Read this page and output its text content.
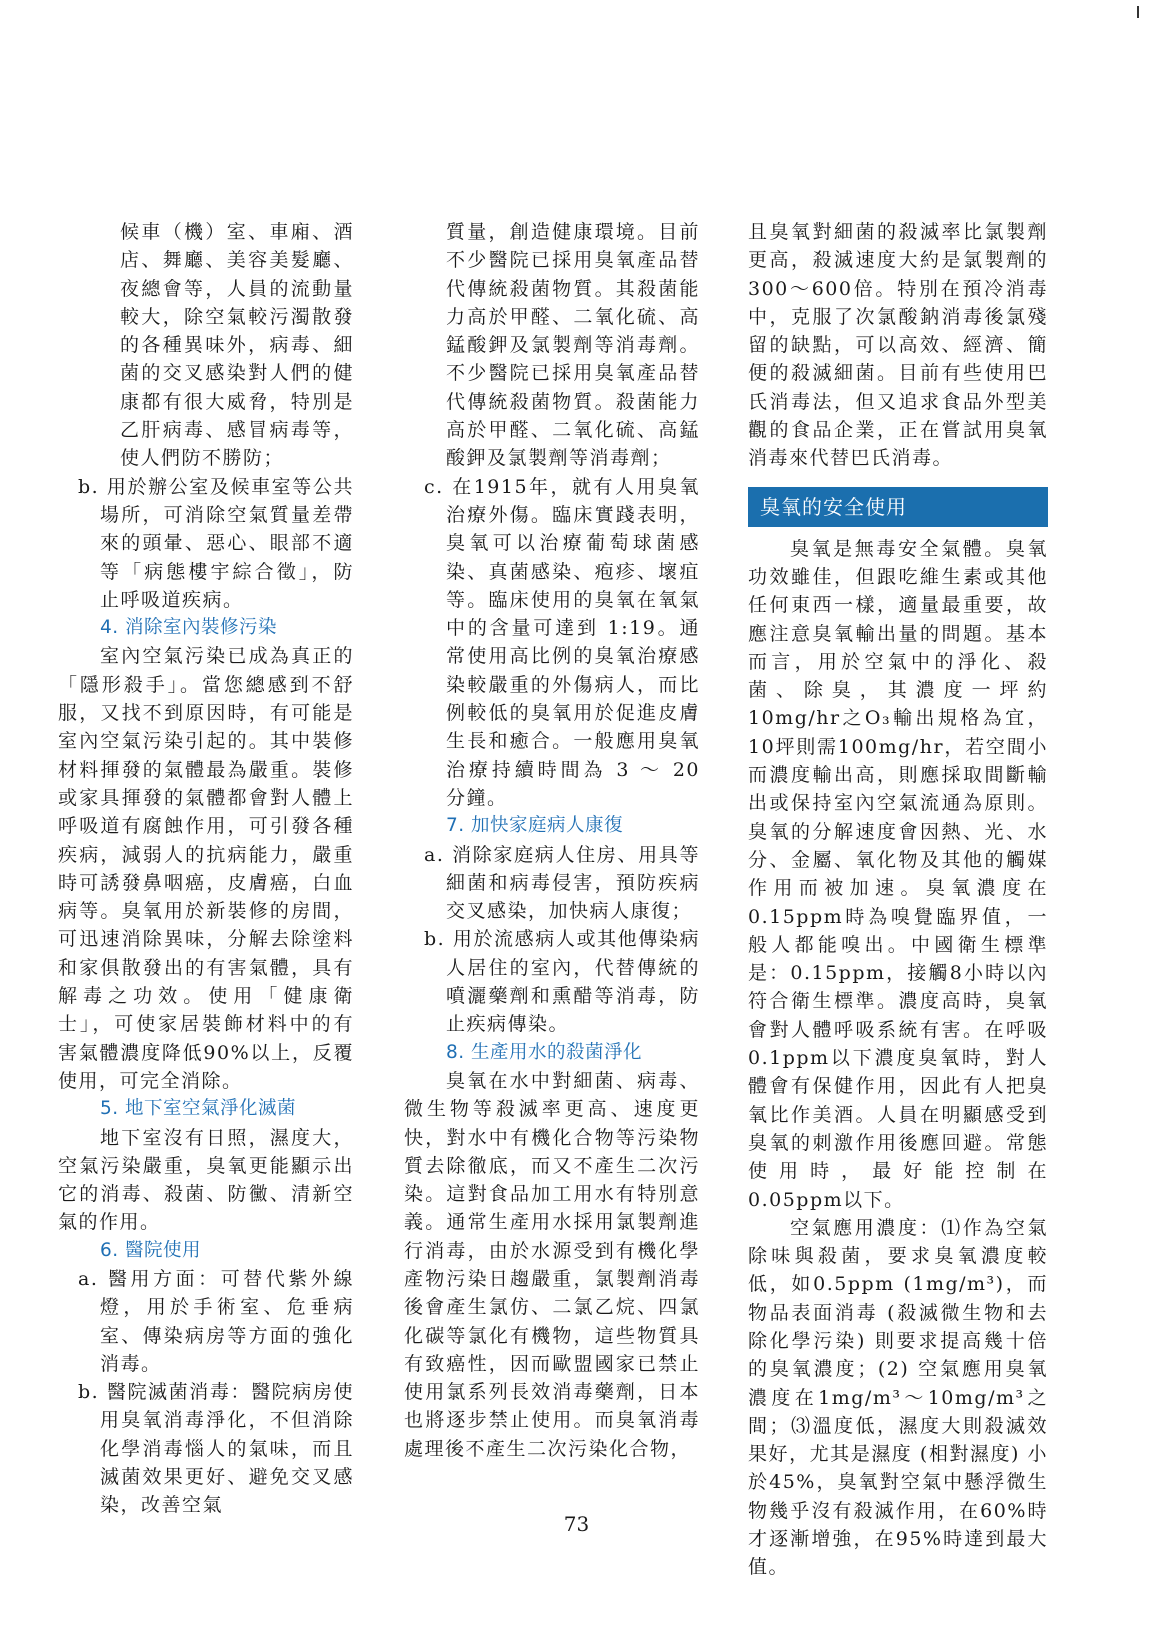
候車（機）室、車廂、酒店、舞廳、美容美髮廳、夜總會等，人員的流動量較大，除空氣較污濁散發的各種異味外，病毒、細菌的交叉感染對人們的健康都有很大威脅，特別是乙肝病毒、感冒病毒等，使人們防不勝防；

b. 用於辦公室及候車室等公共場所，可消除空氣質量差帶來的頭暈、惡心、眼部不適等「病態樓宇綜合徵」，防止呼吸道疾病。

4. 消除室內裝修污染

室內空氣污染已成為真正的「隱形殺手」。當您總感到不舒服，又找不到原因時，有可能是室內空氣污染引起的。其中裝修材料揮發的氣體最為嚴重。裝修或家具揮發的氣體都會對人體上呼吸道有腐蝕作用，可引發各種疾病，減弱人的抗病能力，嚴重時可誘發鼻咽癌，皮膚癌，白血病等。臭氧用於新裝修的房間，可迅速消除異味，分解去除塗料和家俱散發出的有害氣體，具有解毒之功效。使用「健康衛士」，可使家居裝飾材料中的有害氣體濃度降低90%以上，反覆使用，可完全消除。

5. 地下室空氣淨化滅菌

地下室沒有日照，濕度大，空氣污染嚴重，臭氧更能顯示出它的消毒、殺菌、防黴、清新空氣的作用。

6. 醫院使用

a. 醫用方面：可替代紫外線燈，用於手術室、危垂病室、傳染病房等方面的強化消毒。

b. 醫院滅菌消毒：醫院病房使用臭氧消毒淨化，不但消除化學消毒惱人的氣味，而且滅菌效果更好、避免交叉感染，改善空氣

質量，創造健康環境。目前不少醫院已採用臭氧產品替代傳統殺菌物質。其殺菌能力高於甲醛、二氧化硫、高錳酸鉀及氯製劑等消毒劑。不少醫院已採用臭氧產品替代傳統殺菌物質。殺菌能力高於甲醛、二氧化硫、高錳酸鉀及氯製劑等消毒劑；

c. 在1915年，就有人用臭氧治療外傷。臨床實踐表明，臭氧可以治療葡萄球菌感染、真菌感染、疱疹、壞疽等。臨床使用的臭氧在氧氣中的含量可達到 1:19。通常使用高比例的臭氧治療感染較嚴重的外傷病人，而比例較低的臭氧用於促進皮膚生長和癒合。一般應用臭氧治療持續時間為 3 ～ 20 分鐘。

7. 加快家庭病人康復

a. 消除家庭病人住房、用具等細菌和病毒侵害，預防疾病交叉感染，加快病人康復；

b. 用於流感病人或其他傳染病人居住的室內，代替傳統的噴灑藥劑和熏醋等消毒，防止疾病傳染。

8. 生產用水的殺菌淨化

臭氧在水中對細菌、病毒、微生物等殺滅率更高、速度更快，對水中有機化合物等污染物質去除徹底，而又不產生二次污染。這對食品加工用水有特別意義。通常生產用水採用氯製劑進行消毒，由於水源受到有機化學產物污染日趨嚴重，氯製劑消毒後會產生氯仿、二氯乙烷、四氯化碳等氯化有機物，這些物質具有致癌性，因而歐盟國家已禁止使用氯系列長效消毒藥劑，日本也將逐步禁止使用。而臭氧消毒處理後不產生二次污染化合物，

且臭氧對細菌的殺滅率比氯製劑更高，殺滅速度大約是氯製劑的300～600倍。特別在預冷消毒中，克服了次氯酸鈉消毒後氯殘留的缺點，可以高效、經濟、簡便的殺滅細菌。目前有些使用巴氏消毒法，但又追求食品外型美觀的食品企業，正在嘗試用臭氧消毒來代替巴氏消毒。

臭氧的安全使用

臭氧是無毒安全氣體。臭氧功效雖佳，但跟吃維生素或其他任何東西一樣，適量最重要，故應注意臭氧輸出量的問題。基本而言，用於空氣中的淨化、殺菌、除臭，其濃度一坪約10mg/hr之O₃輸出規格為宜，10坪則需100mg/hr，若空間小而濃度輸出高，則應採取間斷輸出或保持室內空氣流通為原則。臭氧的分解速度會因熱、光、水分、金屬、氧化物及其他的觸媒作用而被加速。臭氧濃度在0.15ppm時為嗅覺臨界值，一般人都能嗅出。中國衛生標準是：0.15ppm，接觸8小時以內符合衛生標準。濃度高時，臭氧會對人體呼吸系統有害。在呼吸0.1ppm以下濃度臭氧時，對人體會有保健作用，因此有人把臭氧比作美酒。人員在明顯感受到臭氧的刺激作用後應回避。常態使用時，最好能控制在0.05ppm以下。

空氣應用濃度：⑴作為空氣除味與殺菌，要求臭氧濃度較低，如0.5ppm (1mg/m³)，而物品表面消毒 (殺滅微生物和去除化學污染) 則要求提高幾十倍的臭氧濃度；(2) 空氣應用臭氧濃度在1mg/m³～10mg/m³之間；⑶溫度低，濕度大則殺滅效果好，尤其是濕度 (相對濕度) 小於45%，臭氧對空氣中懸浮微生物幾乎沒有殺滅作用，在60%時才逐漸增強，在95%時達到最大值。

73
